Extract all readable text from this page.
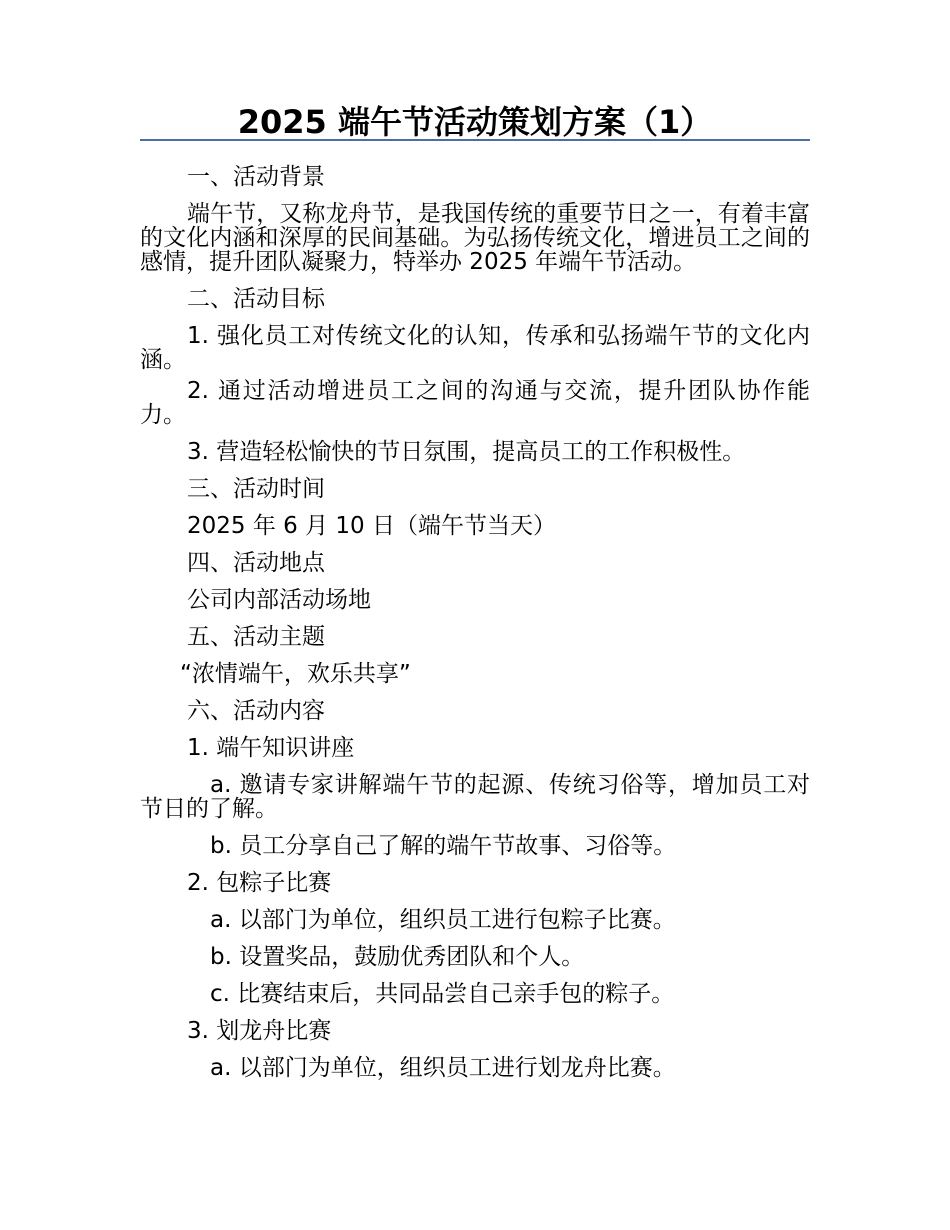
2025 端午节活动策划方案（1）

一、活动背景

端午节，又称龙舟节，是我国传统的重要节日之一，有着丰富的文化内涵和深厚的民间基础。为弘扬传统文化，增进员工之间的感情，提升团队凝聚力，特举办 2025 年端午节活动。

二、活动目标

1. 强化员工对传统文化的认知，传承和弘扬端午节的文化内涵。

2. 通过活动增进员工之间的沟通与交流，提升团队协作能力。

3. 营造轻松愉快的节日氛围，提高员工的工作积极性。

三、活动时间

2025 年 6 月 10 日（端午节当天）

四、活动地点

公司内部活动场地

五、活动主题

“浓情端午，欢乐共享”

六、活动内容

1. 端午知识讲座

a. 邀请专家讲解端午节的起源、传统习俗等，增加员工对节日的了解。

b. 员工分享自己了解的端午节故事、习俗等。

2. 包粽子比赛

a. 以部门为单位，组织员工进行包粽子比赛。

b. 设置奖品，鼓励优秀团队和个人。

c. 比赛结束后，共同品尝自己亲手包的粽子。

3. 划龙舟比赛

a. 以部门为单位，组织员工进行划龙舟比赛。
